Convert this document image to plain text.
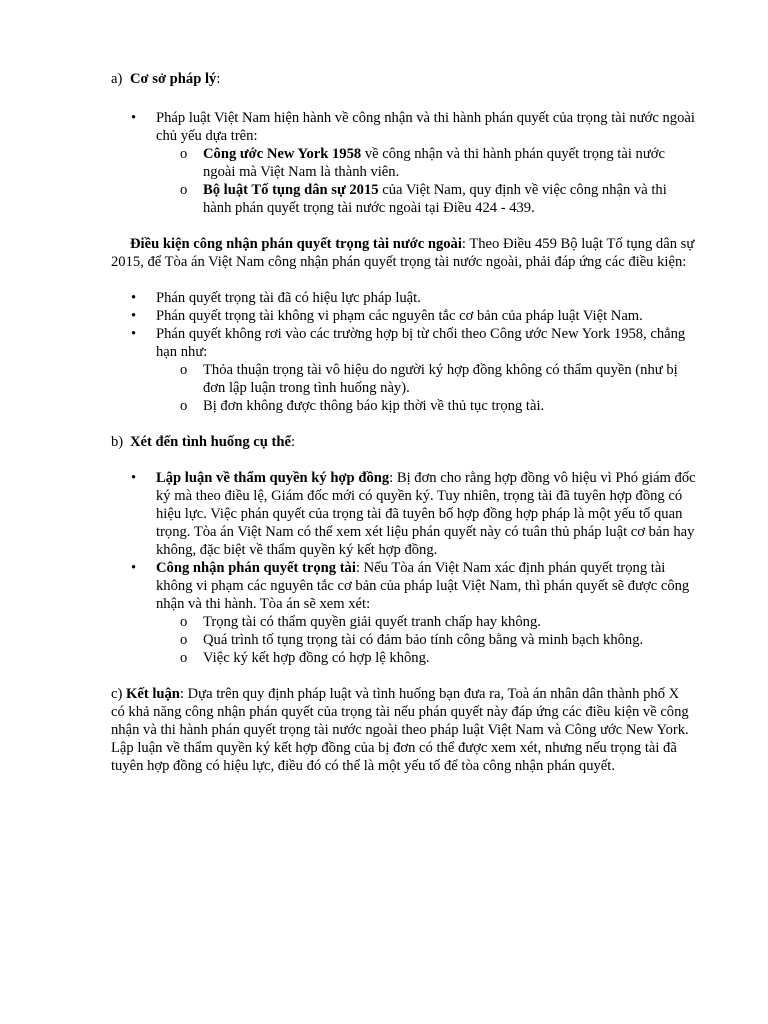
a) Cơ sở pháp lý:

• Pháp luật Việt Nam hiện hành về công nhận và thi hành phán quyết của trọng tài nước ngoài chủ yếu dựa trên:
o Công ước New York 1958 về công nhận và thi hành phán quyết trọng tài nước ngoài mà Việt Nam là thành viên.
o Bộ luật Tố tụng dân sự 2015 của Việt Nam, quy định về việc công nhận và thi hành phán quyết trọng tài nước ngoài tại Điều 424 - 439.

Điều kiện công nhận phán quyết trọng tài nước ngoài: Theo Điều 459 Bộ luật Tố tụng dân sự 2015, để Tòa án Việt Nam công nhận phán quyết trọng tài nước ngoài, phải đáp ứng các điều kiện:

• Phán quyết trọng tài đã có hiệu lực pháp luật.
• Phán quyết trọng tài không vi phạm các nguyên tắc cơ bản của pháp luật Việt Nam.
• Phán quyết không rơi vào các trường hợp bị từ chối theo Công ước New York 1958, chẳng hạn như:
o Thỏa thuận trọng tài vô hiệu do người ký hợp đồng không có thẩm quyền (như bị đơn lập luận trong tình huống này).
o Bị đơn không được thông báo kịp thời về thủ tục trọng tài.

b) Xét đến tình huống cụ thể:

• Lập luận về thẩm quyền ký hợp đồng: Bị đơn cho rằng hợp đồng vô hiệu vì Phó giám đốc ký mà theo điều lệ, Giám đốc mới có quyền ký. Tuy nhiên, trọng tài đã tuyên hợp đồng có hiệu lực. Việc phán quyết của trọng tài đã tuyên bố hợp đồng hợp pháp là một yếu tố quan trọng. Tòa án Việt Nam có thể xem xét liệu phán quyết này có tuân thủ pháp luật cơ bản hay không, đặc biệt về thẩm quyền ký kết hợp đồng.
• Công nhận phán quyết trọng tài: Nếu Tòa án Việt Nam xác định phán quyết trọng tài không vi phạm các nguyên tắc cơ bản của pháp luật Việt Nam, thì phán quyết sẽ được công nhận và thi hành. Tòa án sẽ xem xét:
o Trọng tài có thẩm quyền giải quyết tranh chấp hay không.
o Quá trình tố tụng trọng tài có đảm bảo tính công bằng và minh bạch không.
o Việc ký kết hợp đồng có hợp lệ không.

c) Kết luận: Dựa trên quy định pháp luật và tình huống bạn đưa ra, Toà án nhân dân thành phố X có khả năng công nhận phán quyết của trọng tài nếu phán quyết này đáp ứng các điều kiện về công nhận và thi hành phán quyết trọng tài nước ngoài theo pháp luật Việt Nam và Công ước New York. Lập luận về thẩm quyền ký kết hợp đồng của bị đơn có thể được xem xét, nhưng nếu trọng tài đã tuyên hợp đồng có hiệu lực, điều đó có thể là một yếu tố để tòa công nhận phán quyết.
